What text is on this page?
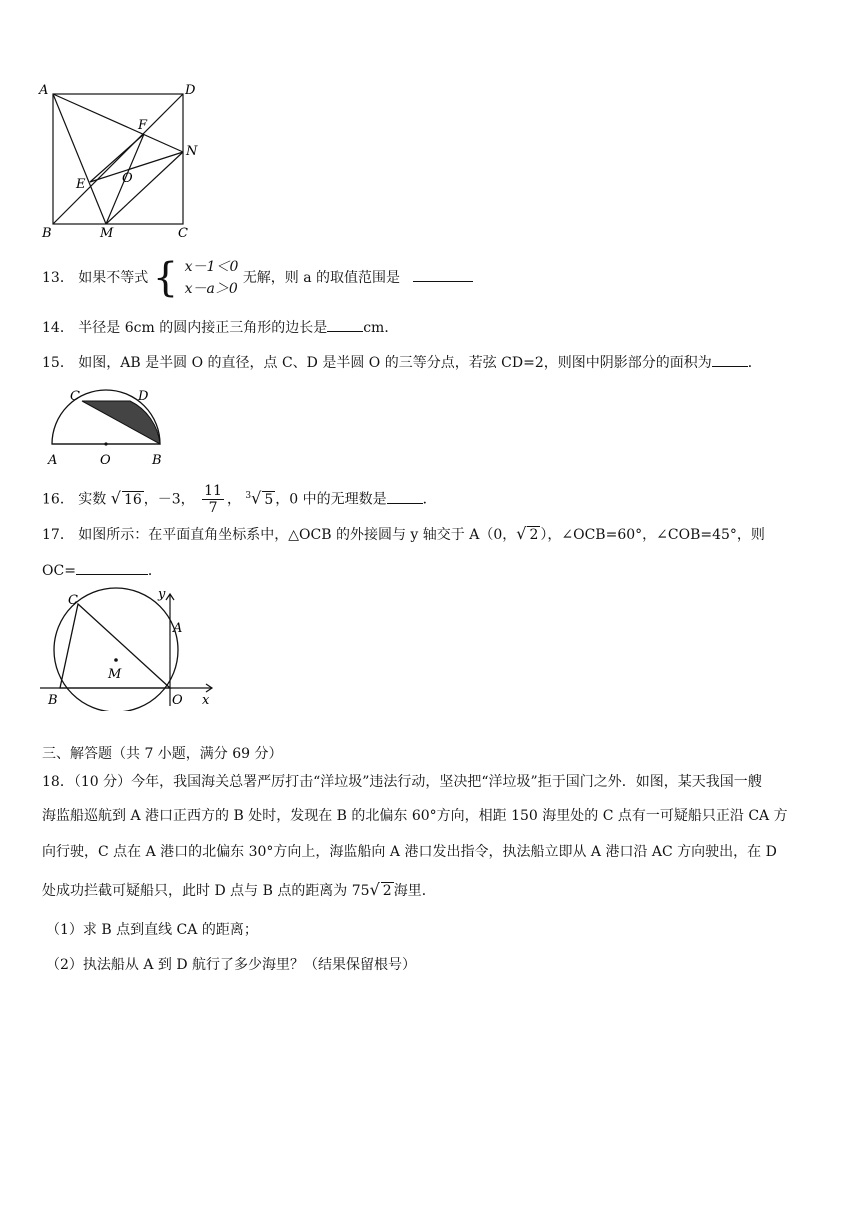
A	D
F
N
E	O
B	M	C
13． 如果不等式 { x－1＜0
x－a＞0
无解，则 a 的取值范围是
14． 半径是 6cm 的圆内接正三角形的边长是	cm．
15． 如图，AB 是半圆 O 的直径，点 C、D 是半圆 O 的三等分点，若弦 CD=2，则图中阴影部分的面积为	．
C	D
A	O	B
16． 实数 √ 16 ，－3， $\frac{11}{7}$ ， $^3$√ 5 ，0 中的无理数是	．
17． 如图所示：在平面直角坐标系中，△OCB 的外接圆与 y 轴交于 A（0，√ 2 ），∠OCB=60°，∠COB=45°，则
OC=	．
C	y
A
M
B	O x
三、解答题（共 7 小题，满分 69 分）
18．（10 分）今年，我国海关总署严厉打击“洋垃圾”违法行动，坚决把“洋垃圾”拒于国门之外．如图，某天我国一艘
海监船巡航到 A 港口正西方的 B 处时，发现在 B 的北偏东 60°方向，相距 150 海里处的 C 点有一可疑船只正沿 CA 方
向行驶，C 点在 A 港口的北偏东 30°方向上，海监船向 A 港口发出指令，执法船立即从 A 港口沿 AC 方向驶出，在 D
处成功拦截可疑船只，此时 D 点与 B 点的距离为 75√ 2 海里．
（1）求 B 点到直线 CA 的距离；
（2）执法船从 A 到 D 航行了多少海里？（结果保留根号）
